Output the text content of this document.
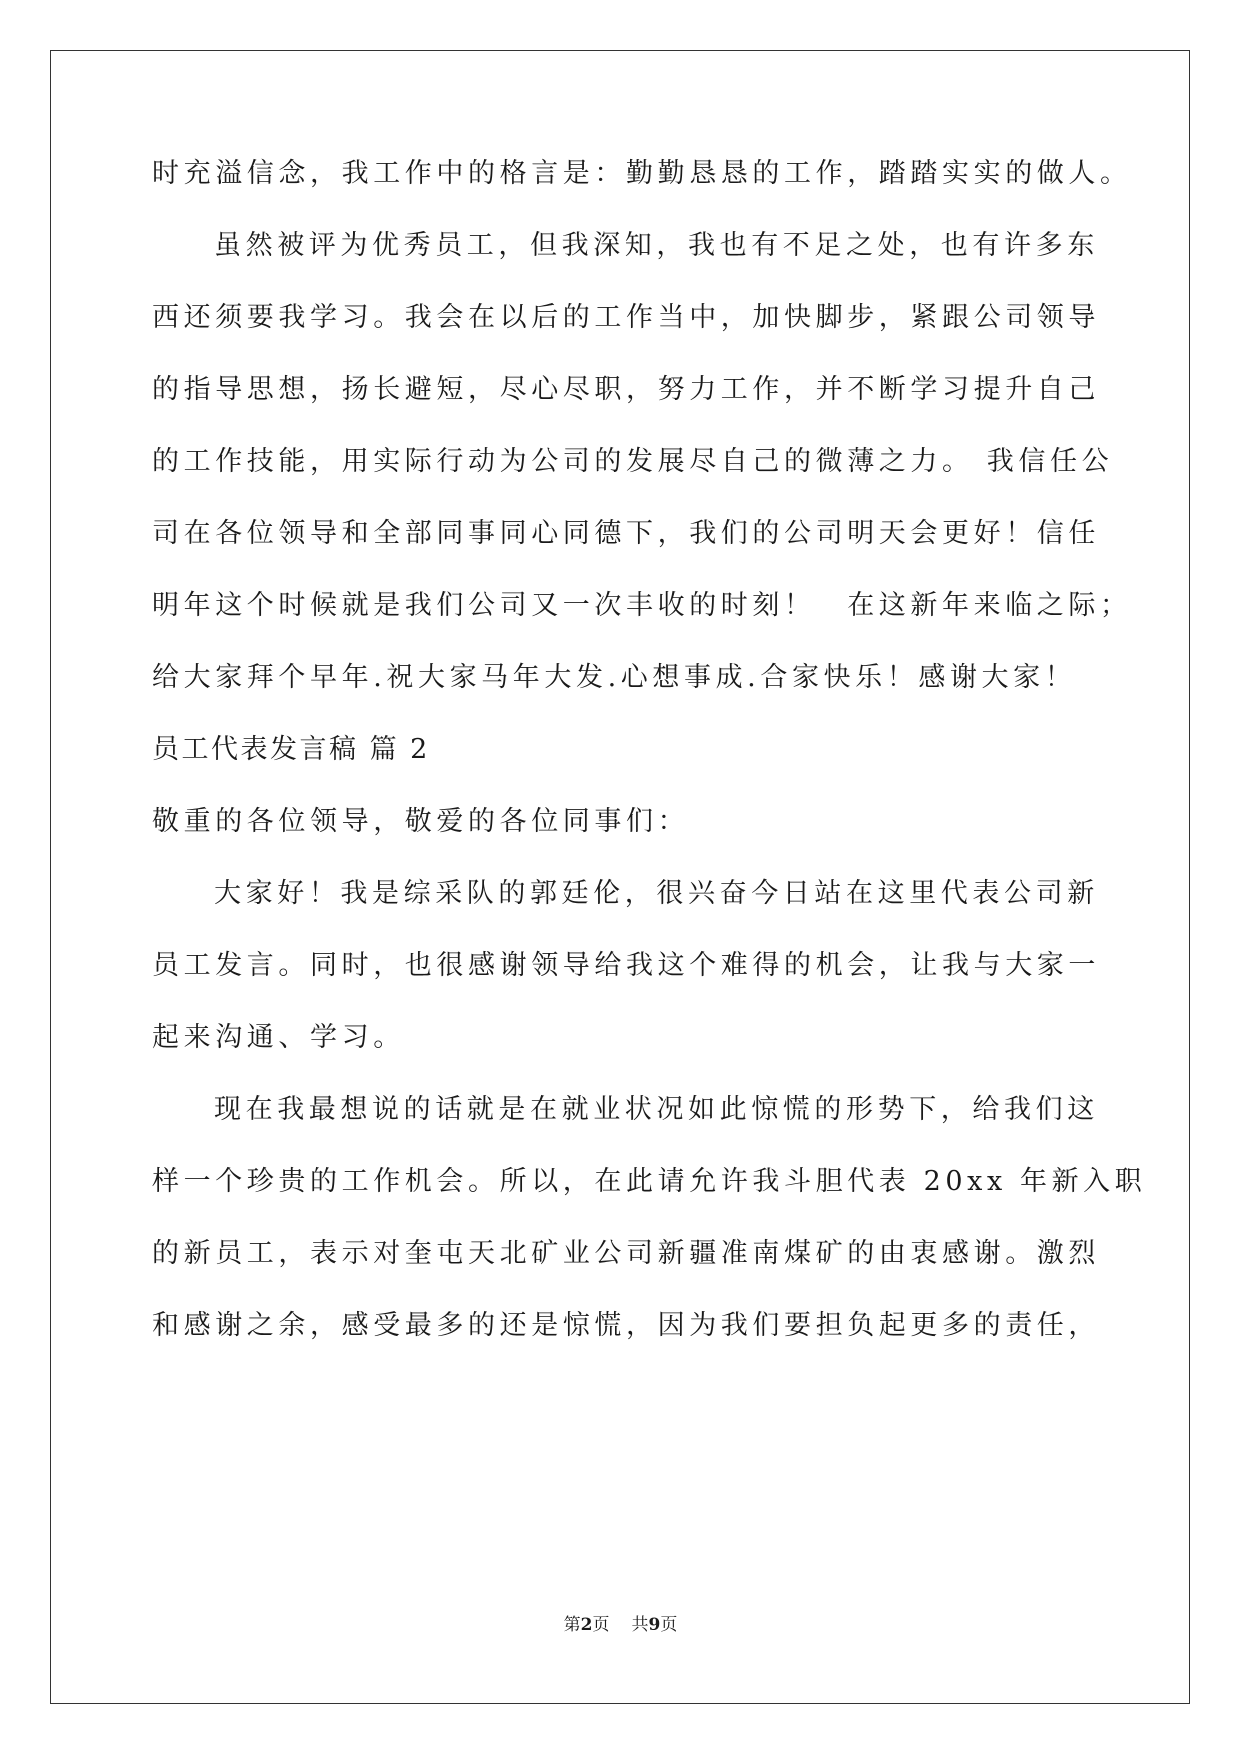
时充溢信念，我工作中的格言是：勤勤恳恳的工作，踏踏实实的做人。
虽然被评为优秀员工，但我深知，我也有不足之处，也有许多东
西还须要我学习。我会在以后的工作当中，加快脚步，紧跟公司领导
的指导思想，扬长避短，尽心尽职，努力工作，并不断学习提升自己
的工作技能，用实际行动为公司的发展尽自己的微薄之力。 我信任公
司在各位领导和全部同事同心同德下，我们的公司明天会更好！信任
明年这个时候就是我们公司又一次丰收的时刻！　在这新年来临之际；
给大家拜个早年.祝大家马年大发.心想事成.合家快乐！感谢大家！
员工代表发言稿 篇 2
敬重的各位领导，敬爱的各位同事们：
大家好！我是综采队的郭廷伦，很兴奋今日站在这里代表公司新
员工发言。同时，也很感谢领导给我这个难得的机会，让我与大家一
起来沟通、学习。
现在我最想说的话就是在就业状况如此惊慌的形势下，给我们这
样一个珍贵的工作机会。所以，在此请允许我斗胆代表 20xx 年新入职
的新员工，表示对奎屯天北矿业公司新疆准南煤矿的由衷感谢。激烈
和感谢之余，感受最多的还是惊慌，因为我们要担负起更多的责任，
第2页 共9页
